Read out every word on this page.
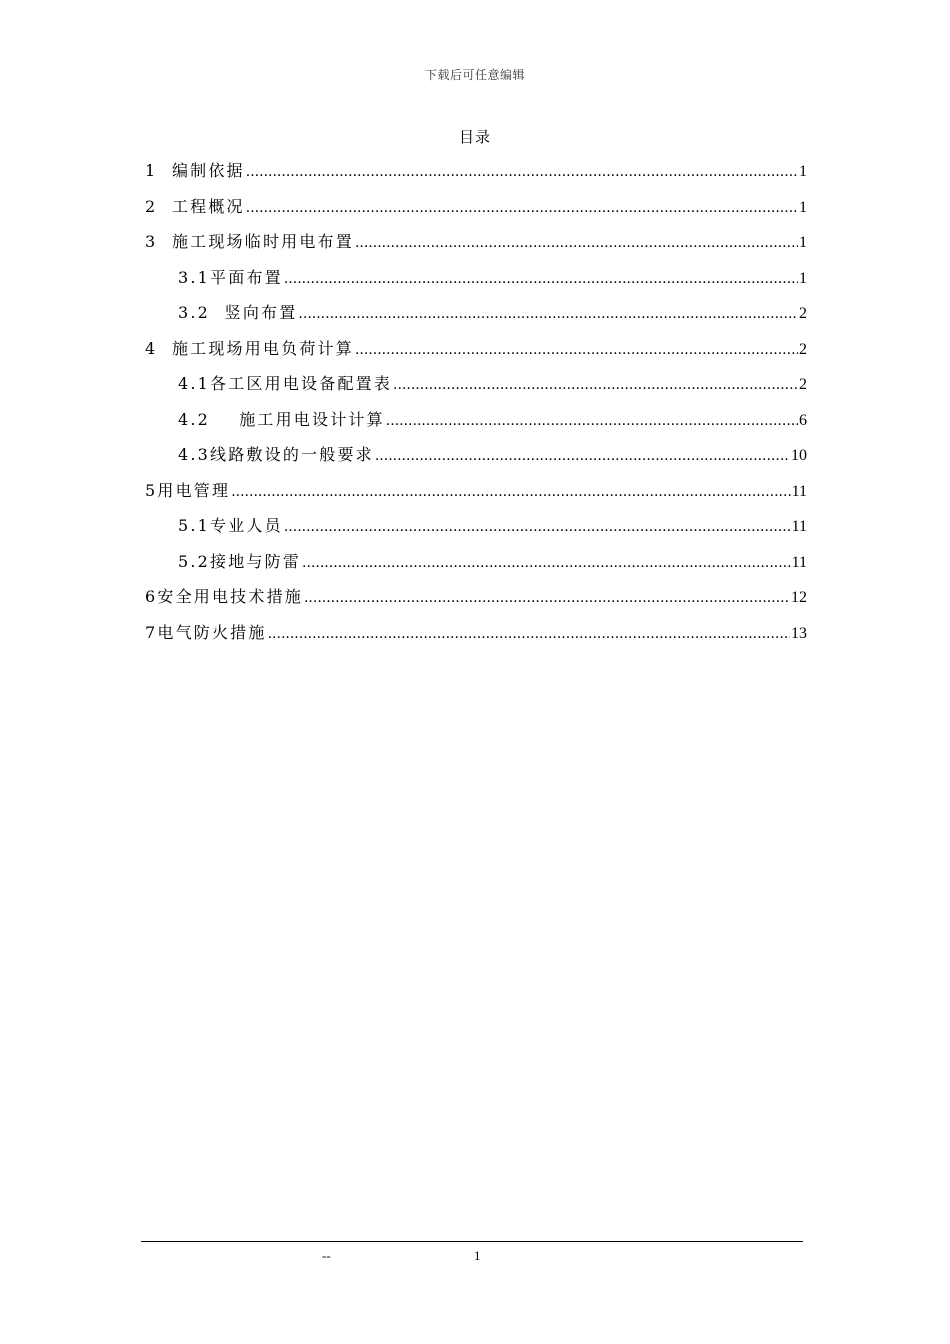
下载后可任意编辑
目录
1  编制依据 .....	1
2  工程概况 .....	1
3  施工现场临时用电布置 .....	1
3.1平面布置 .....	1
3.2  竖向布置 .....	2
4  施工现场用电负荷计算 .....	2
4.1各工区用电设备配置表 .....	2
4.2    施工用电设计计算 .....	6
4.3线路敷设的一般要求 .....	10
5用电管理 .....	11
5.1专业人员 .....	11
5.2接地与防雷 .....	11
6安全用电技术措施 .....	12
7电气防火措施 .....	13
--	1
